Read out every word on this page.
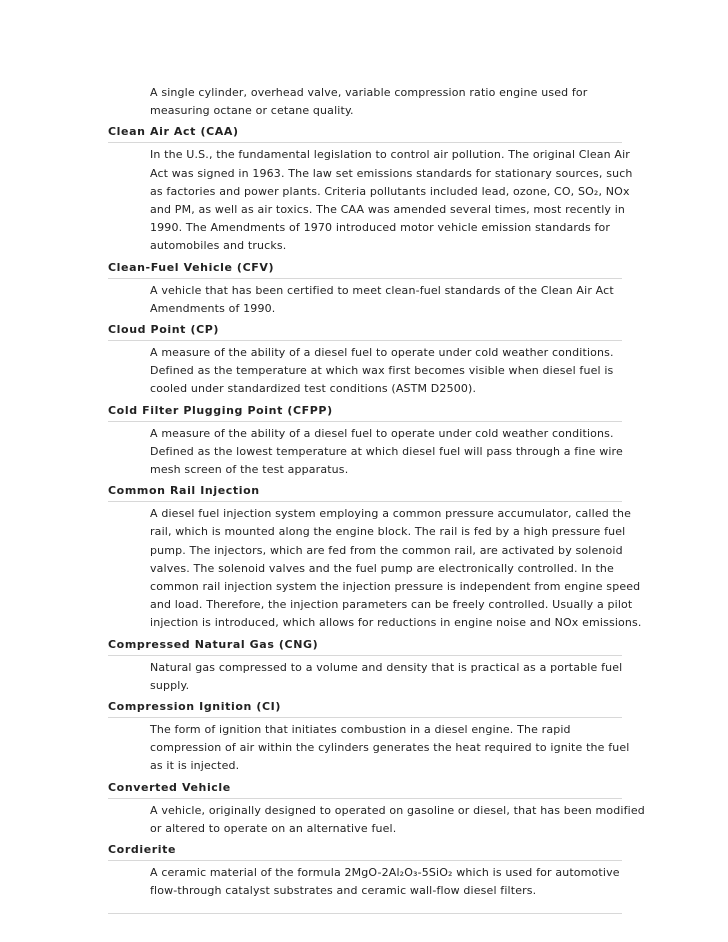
A single cylinder, overhead valve, variable compression ratio engine used for
measuring octane or cetane quality.
Clean Air Act (CAA)
In the U.S., the fundamental legislation to control air pollution. The original Clean Air
Act was signed in 1963. The law set emissions standards for stationary sources, such
as factories and power plants. Criteria pollutants included lead, ozone, CO, SO₂, NOx
and PM, as well as air toxics. The CAA was amended several times, most recently in
1990. The Amendments of 1970 introduced motor vehicle emission standards for
automobiles and trucks.
Clean-Fuel Vehicle (CFV)
A vehicle that has been certified to meet clean-fuel standards of the Clean Air Act
Amendments of 1990.
Cloud Point (CP)
A measure of the ability of a diesel fuel to operate under cold weather conditions.
Defined as the temperature at which wax first becomes visible when diesel fuel is
cooled under standardized test conditions (ASTM D2500).
Cold Filter Plugging Point (CFPP)
A measure of the ability of a diesel fuel to operate under cold weather conditions.
Defined as the lowest temperature at which diesel fuel will pass through a fine wire
mesh screen of the test apparatus.
Common Rail Injection
A diesel fuel injection system employing a common pressure accumulator, called the
rail, which is mounted along the engine block. The rail is fed by a high pressure fuel
pump. The injectors, which are fed from the common rail, are activated by solenoid
valves. The solenoid valves and the fuel pump are electronically controlled. In the
common rail injection system the injection pressure is independent from engine speed
and load. Therefore, the injection parameters can be freely controlled. Usually a pilot
injection is introduced, which allows for reductions in engine noise and NOx emissions.
Compressed Natural Gas (CNG)
Natural gas compressed to a volume and density that is practical as a portable fuel
supply.
Compression Ignition (CI)
The form of ignition that initiates combustion in a diesel engine. The rapid
compression of air within the cylinders generates the heat required to ignite the fuel
as it is injected.
Converted Vehicle
A vehicle, originally designed to operated on gasoline or diesel, that has been modified
or altered to operate on an alternative fuel.
Cordierite
A ceramic material of the formula 2MgO-2Al₂O₃-5SiO₂ which is used for automotive
flow-through catalyst substrates and ceramic wall-flow diesel filters.
